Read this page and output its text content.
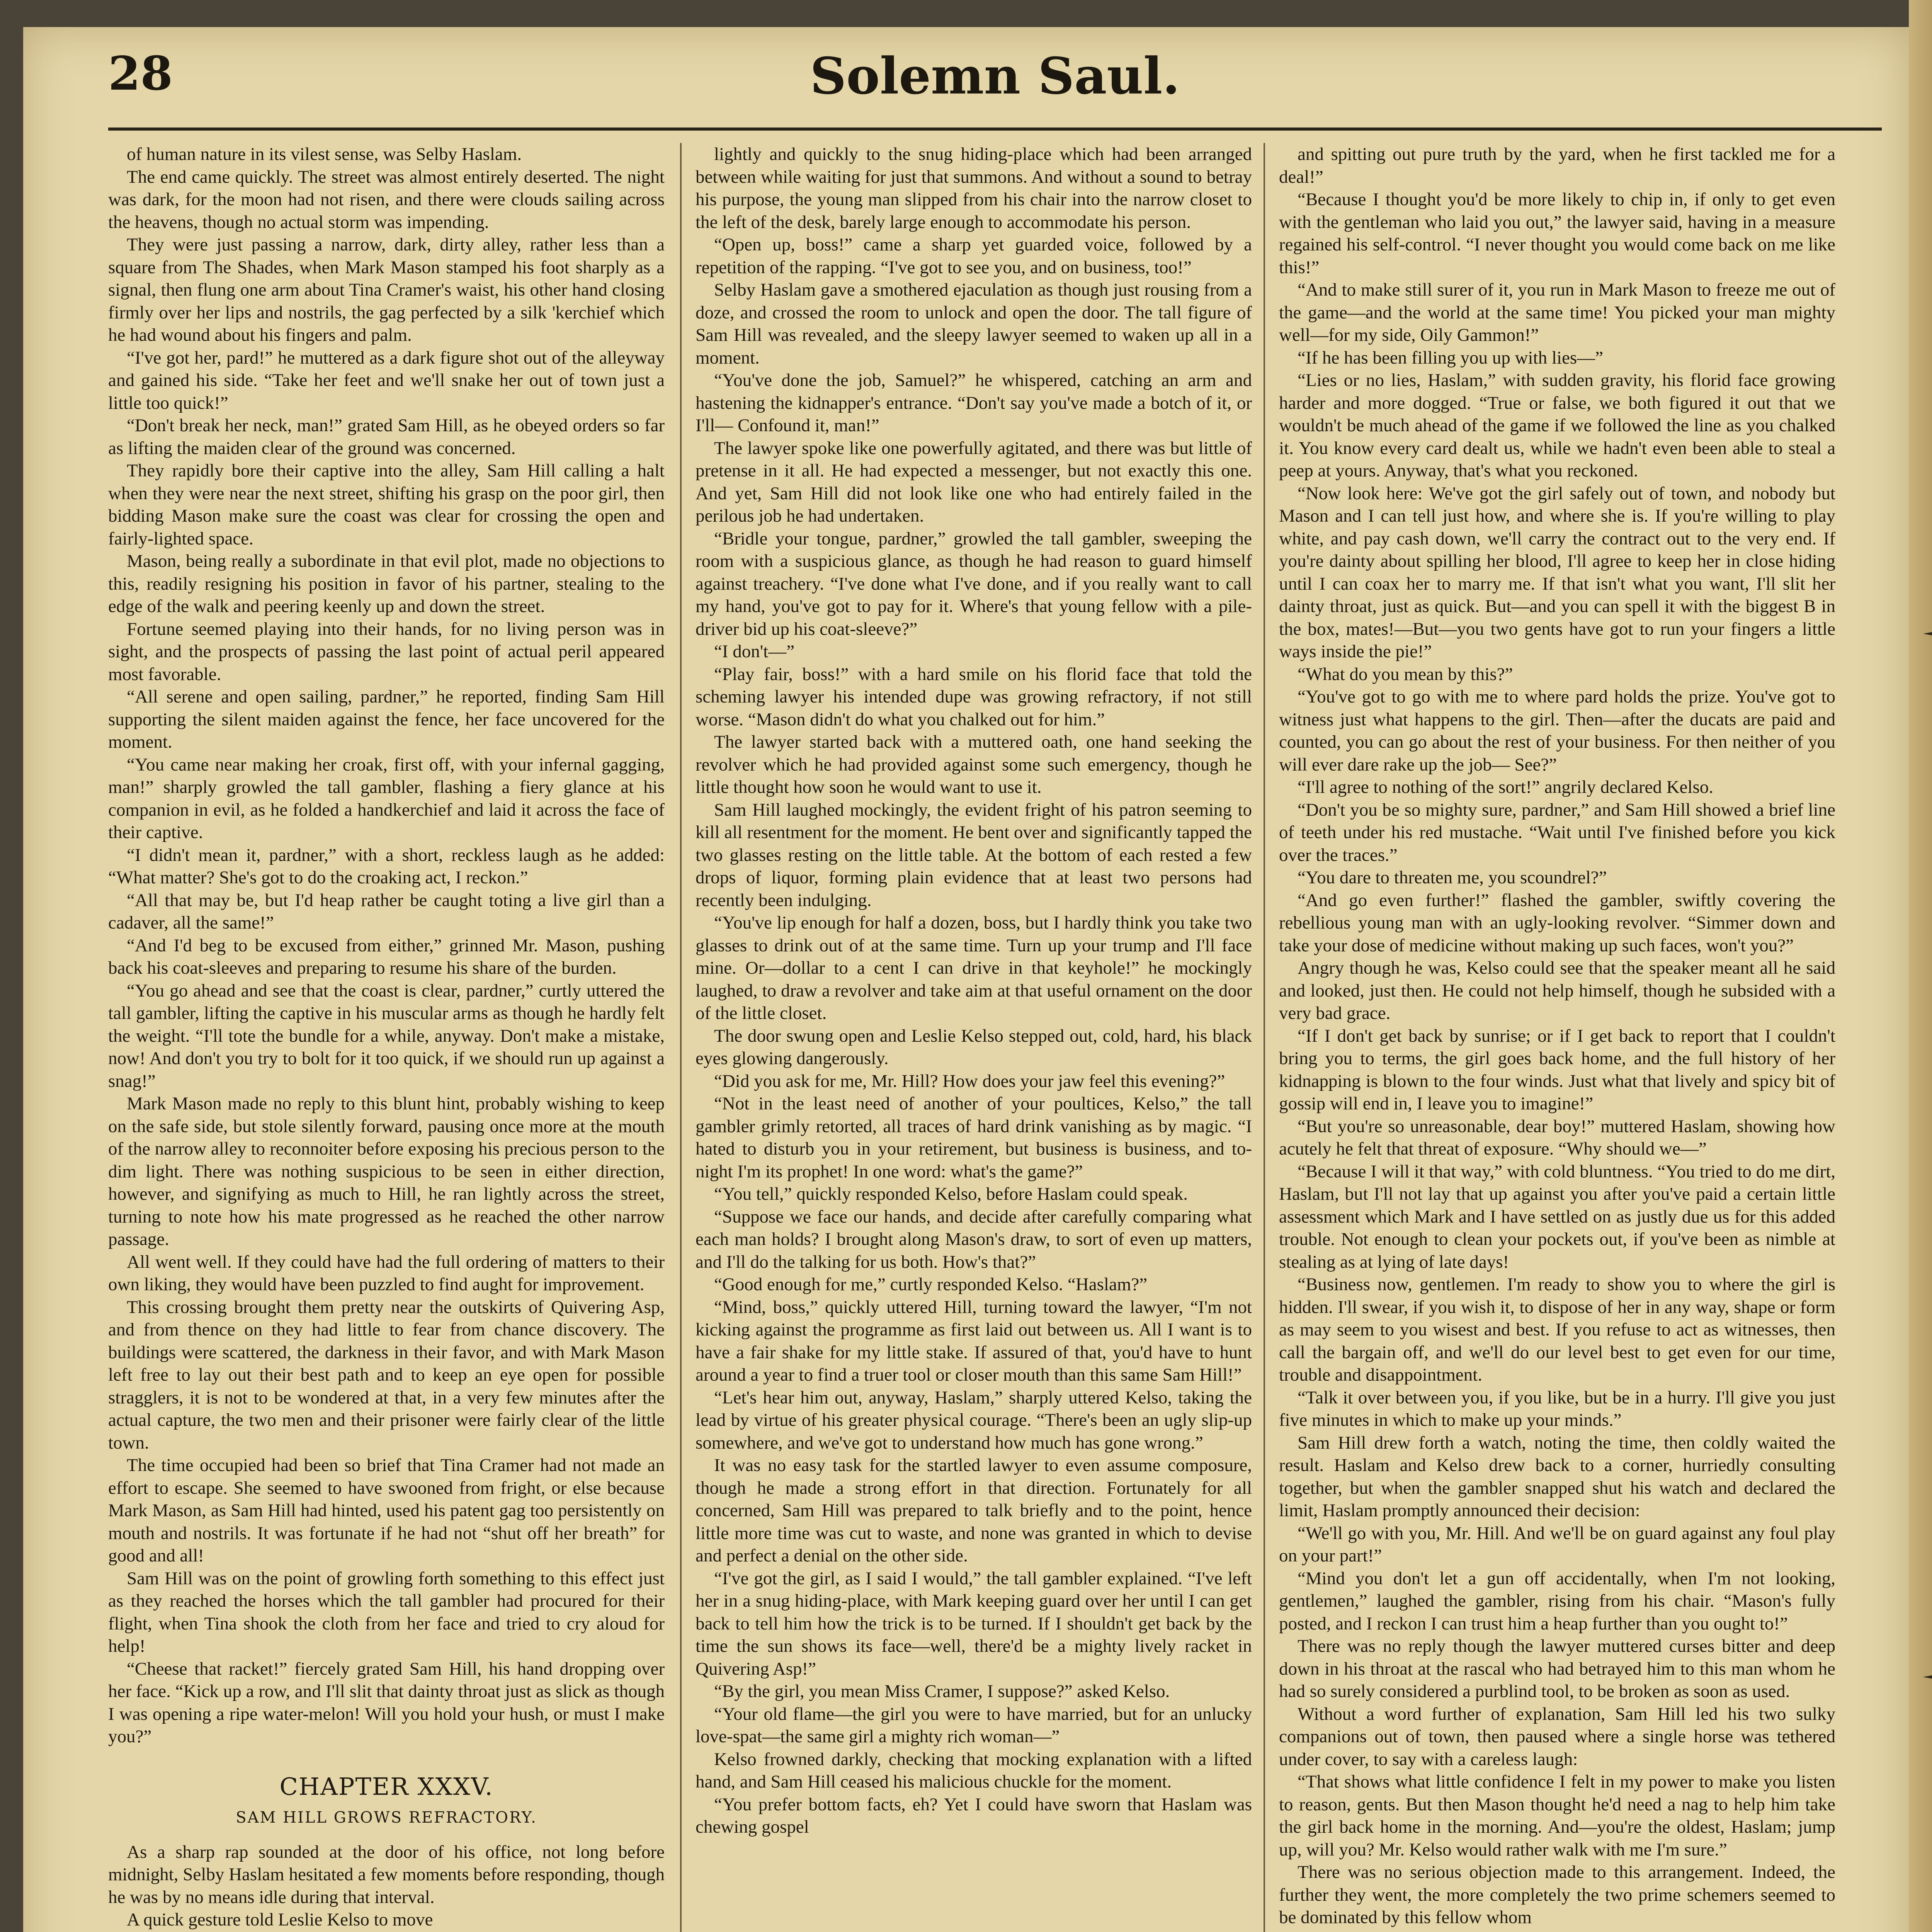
28	Solemn Saul.

of human nature in its vilest sense, was Selby Haslam.

The end came quickly. The street was almost entirely deserted. The night was dark, for the moon had not risen, and there were clouds sailing across the heavens, though no actual storm was impending.

They were just passing a narrow, dark, dirty alley, rather less than a square from The Shades, when Mark Mason stamped his foot sharply as a signal, then flung one arm about Tina Cramer's waist, his other hand closing firmly over her lips and nostrils, the gag perfected by a silk 'kerchief which he had wound about his fingers and palm.

“I've got her, pard!” he muttered as a dark figure shot out of the alleyway and gained his side. “Take her feet and we'll snake her out of town just a little too quick!”

“Don't break her neck, man!” grated Sam Hill, as he obeyed orders so far as lifting the maiden clear of the ground was concerned.

They rapidly bore their captive into the alley, Sam Hill calling a halt when they were near the next street, shifting his grasp on the poor girl, then bidding Mason make sure the coast was clear for crossing the open and fairly-lighted space.

Mason, being really a subordinate in that evil plot, made no objections to this, readily resigning his position in favor of his partner, stealing to the edge of the walk and peering keenly up and down the street.

Fortune seemed playing into their hands, for no living person was in sight, and the prospects of passing the last point of actual peril appeared most favorable.

“All serene and open sailing, pardner,” he reported, finding Sam Hill supporting the silent maiden against the fence, her face uncovered for the moment.

“You came near making her croak, first off, with your infernal gagging, man!” sharply growled the tall gambler, flashing a fiery glance at his companion in evil, as he folded a handkerchief and laid it across the face of their captive.

“I didn't mean it, pardner,” with a short, reckless laugh as he added: “What matter? She's got to do the croaking act, I reckon.”

“All that may be, but I'd heap rather be caught toting a live girl than a cadaver, all the same!”

“And I'd beg to be excused from either,” grinned Mr. Mason, pushing back his coat-sleeves and preparing to resume his share of the burden.

“You go ahead and see that the coast is clear, pardner,” curtly uttered the tall gambler, lifting the captive in his muscular arms as though he hardly felt the weight. “I'll tote the bundle for a while, anyway. Don't make a mistake, now! And don't you try to bolt for it too quick, if we should run up against a snag!”

Mark Mason made no reply to this blunt hint, probably wishing to keep on the safe side, but stole silently forward, pausing once more at the mouth of the narrow alley to reconnoiter before exposing his precious person to the dim light. There was nothing suspicious to be seen in either direction, however, and signifying as much to Hill, he ran lightly across the street, turning to note how his mate progressed as he reached the other narrow passage.

All went well. If they could have had the full ordering of matters to their own liking, they would have been puzzled to find aught for improvement.

This crossing brought them pretty near the outskirts of Quivering Asp, and from thence on they had little to fear from chance discovery. The buildings were scattered, the darkness in their favor, and with Mark Mason left free to lay out their best path and to keep an eye open for possible stragglers, it is not to be wondered at that, in a very few minutes after the actual capture, the two men and their prisoner were fairly clear of the little town.

The time occupied had been so brief that Tina Cramer had not made an effort to escape. She seemed to have swooned from fright, or else because Mark Mason, as Sam Hill had hinted, used his patent gag too persistently on mouth and nostrils. It was fortunate if he had not “shut off her breath” for good and all!

Sam Hill was on the point of growling forth something to this effect just as they reached the horses which the tall gambler had procured for their flight, when Tina shook the cloth from her face and tried to cry aloud for help!

“Cheese that racket!” fiercely grated Sam Hill, his hand dropping over her face. “Kick up a row, and I'll slit that dainty throat just as slick as though I was opening a ripe water-melon! Will you hold your hush, or must I make you?”

CHAPTER XXXV.

SAM HILL GROWS REFRACTORY.

As a sharp rap sounded at the door of his office, not long before midnight, Selby Haslam hesitated a few moments before responding, though he was by no means idle during that interval.

A quick gesture told Leslie Kelso to move

lightly and quickly to the snug hiding-place which had been arranged between while waiting for just that summons. And without a sound to betray his purpose, the young man slipped from his chair into the narrow closet to the left of the desk, barely large enough to accommodate his person.

“Open up, boss!” came a sharp yet guarded voice, followed by a repetition of the rapping. “I've got to see you, and on business, too!”

Selby Haslam gave a smothered ejaculation as though just rousing from a doze, and crossed the room to unlock and open the door. The tall figure of Sam Hill was revealed, and the sleepy lawyer seemed to waken up all in a moment.

“You've done the job, Samuel?” he whispered, catching an arm and hastening the kidnapper's entrance. “Don't say you've made a botch of it, or I'll— Confound it, man!”

The lawyer spoke like one powerfully agitated, and there was but little of pretense in it all. He had expected a messenger, but not exactly this one. And yet, Sam Hill did not look like one who had entirely failed in the perilous job he had undertaken.

“Bridle your tongue, pardner,” growled the tall gambler, sweeping the room with a suspicious glance, as though he had reason to guard himself against treachery. “I've done what I've done, and if you really want to call my hand, you've got to pay for it. Where's that young fellow with a pile-driver bid up his coat-sleeve?”

“I don't—”

“Play fair, boss!” with a hard smile on his florid face that told the scheming lawyer his intended dupe was growing refractory, if not still worse. “Mason didn't do what you chalked out for him.”

The lawyer started back with a muttered oath, one hand seeking the revolver which he had provided against some such emergency, though he little thought how soon he would want to use it.

Sam Hill laughed mockingly, the evident fright of his patron seeming to kill all resentment for the moment. He bent over and significantly tapped the two glasses resting on the little table. At the bottom of each rested a few drops of liquor, forming plain evidence that at least two persons had recently been indulging.

“You've lip enough for half a dozen, boss, but I hardly think you take two glasses to drink out of at the same time. Turn up your trump and I'll face mine. Or—dollar to a cent I can drive in that keyhole!” he mockingly laughed, to draw a revolver and take aim at that useful ornament on the door of the little closet.

The door swung open and Leslie Kelso stepped out, cold, hard, his black eyes glowing dangerously.

“Did you ask for me, Mr. Hill? How does your jaw feel this evening?”

“Not in the least need of another of your poultices, Kelso,” the tall gambler grimly retorted, all traces of hard drink vanishing as by magic. “I hated to disturb you in your retirement, but business is business, and to-night I'm its prophet! In one word: what's the game?”

“You tell,” quickly responded Kelso, before Haslam could speak.

“Suppose we face our hands, and decide after carefully comparing what each man holds? I brought along Mason's draw, to sort of even up matters, and I'll do the talking for us both. How's that?”

“Good enough for me,” curtly responded Kelso. “Haslam?”

“Mind, boss,” quickly uttered Hill, turning toward the lawyer, “I'm not kicking against the programme as first laid out between us. All I want is to have a fair shake for my little stake. If assured of that, you'd have to hunt around a year to find a truer tool or closer mouth than this same Sam Hill!”

“Let's hear him out, anyway, Haslam,” sharply uttered Kelso, taking the lead by virtue of his greater physical courage. “There's been an ugly slip-up somewhere, and we've got to understand how much has gone wrong.”

It was no easy task for the startled lawyer to even assume composure, though he made a strong effort in that direction. Fortunately for all concerned, Sam Hill was prepared to talk briefly and to the point, hence little more time was cut to waste, and none was granted in which to devise and perfect a denial on the other side.

“I've got the girl, as I said I would,” the tall gambler explained. “I've left her in a snug hiding-place, with Mark keeping guard over her until I can get back to tell him how the trick is to be turned. If I shouldn't get back by the time the sun shows its face—well, there'd be a mighty lively racket in Quivering Asp!”

“By the girl, you mean Miss Cramer, I suppose?” asked Kelso.

“Your old flame—the girl you were to have married, but for an unlucky love-spat—the same girl a mighty rich woman—”

Kelso frowned darkly, checking that mocking explanation with a lifted hand, and Sam Hill ceased his malicious chuckle for the moment.

“You prefer bottom facts, eh? Yet I could have sworn that Haslam was chewing gospel

and spitting out pure truth by the yard, when he first tackled me for a deal!”

“Because I thought you'd be more likely to chip in, if only to get even with the gentleman who laid you out,” the lawyer said, having in a measure regained his self-control. “I never thought you would come back on me like this!”

“And to make still surer of it, you run in Mark Mason to freeze me out of the game—and the world at the same time! You picked your man mighty well—for my side, Oily Gammon!”

“If he has been filling you up with lies—”

“Lies or no lies, Haslam,” with sudden gravity, his florid face growing harder and more dogged. “True or false, we both figured it out that we wouldn't be much ahead of the game if we followed the line as you chalked it. You know every card dealt us, while we hadn't even been able to steal a peep at yours. Anyway, that's what you reckoned.

“Now look here: We've got the girl safely out of town, and nobody but Mason and I can tell just how, and where she is. If you're willing to play white, and pay cash down, we'll carry the contract out to the very end. If you're dainty about spilling her blood, I'll agree to keep her in close hiding until I can coax her to marry me. If that isn't what you want, I'll slit her dainty throat, just as quick. But—and you can spell it with the biggest B in the box, mates!—But—you two gents have got to run your fingers a little ways inside the pie!”

“What do you mean by this?”

“You've got to go with me to where pard holds the prize. You've got to witness just what happens to the girl. Then—after the ducats are paid and counted, you can go about the rest of your business. For then neither of you will ever dare rake up the job— See?”

“I'll agree to nothing of the sort!” angrily declared Kelso.

“Don't you be so mighty sure, pardner,” and Sam Hill showed a brief line of teeth under his red mustache. “Wait until I've finished before you kick over the traces.”

“You dare to threaten me, you scoundrel?”

“And go even further!” flashed the gambler, swiftly covering the rebellious young man with an ugly-looking revolver. “Simmer down and take your dose of medicine without making up such faces, won't you?”

Angry though he was, Kelso could see that the speaker meant all he said and looked, just then. He could not help himself, though he subsided with a very bad grace.

“If I don't get back by sunrise; or if I get back to report that I couldn't bring you to terms, the girl goes back home, and the full history of her kidnapping is blown to the four winds. Just what that lively and spicy bit of gossip will end in, I leave you to imagine!”

“But you're so unreasonable, dear boy!” muttered Haslam, showing how acutely he felt that threat of exposure. “Why should we—”

“Because I will it that way,” with cold bluntness. “You tried to do me dirt, Haslam, but I'll not lay that up against you after you've paid a certain little assessment which Mark and I have settled on as justly due us for this added trouble. Not enough to clean your pockets out, if you've been as nimble at stealing as at lying of late days!

“Business now, gentlemen. I'm ready to show you to where the girl is hidden. I'll swear, if you wish it, to dispose of her in any way, shape or form as may seem to you wisest and best. If you refuse to act as witnesses, then call the bargain off, and we'll do our level best to get even for our time, trouble and disappointment.

“Talk it over between you, if you like, but be in a hurry. I'll give you just five minutes in which to make up your minds.”

Sam Hill drew forth a watch, noting the time, then coldly waited the result. Haslam and Kelso drew back to a corner, hurriedly consulting together, but when the gambler snapped shut his watch and declared the limit, Haslam promptly announced their decision:

“We'll go with you, Mr. Hill. And we'll be on guard against any foul play on your part!”

“Mind you don't let a gun off accidentally, when I'm not looking, gentlemen,” laughed the gambler, rising from his chair. “Mason's fully posted, and I reckon I can trust him a heap further than you ought to!”

There was no reply though the lawyer muttered curses bitter and deep down in his throat at the rascal who had betrayed him to this man whom he had so surely considered a purblind tool, to be broken as soon as used.

Without a word further of explanation, Sam Hill led his two sulky companions out of town, then paused where a single horse was tethered under cover, to say with a careless laugh:

“That shows what little confidence I felt in my power to make you listen to reason, gents. But then Mason thought he'd need a nag to help him take the girl back home in the morning. And—you're the oldest, Haslam; jump up, will you? Mr. Kelso would rather walk with me I'm sure.”

There was no serious objection made to this arrangement. Indeed, the further they went, the more completely the two prime schemers seemed to be dominated by this fellow whom
